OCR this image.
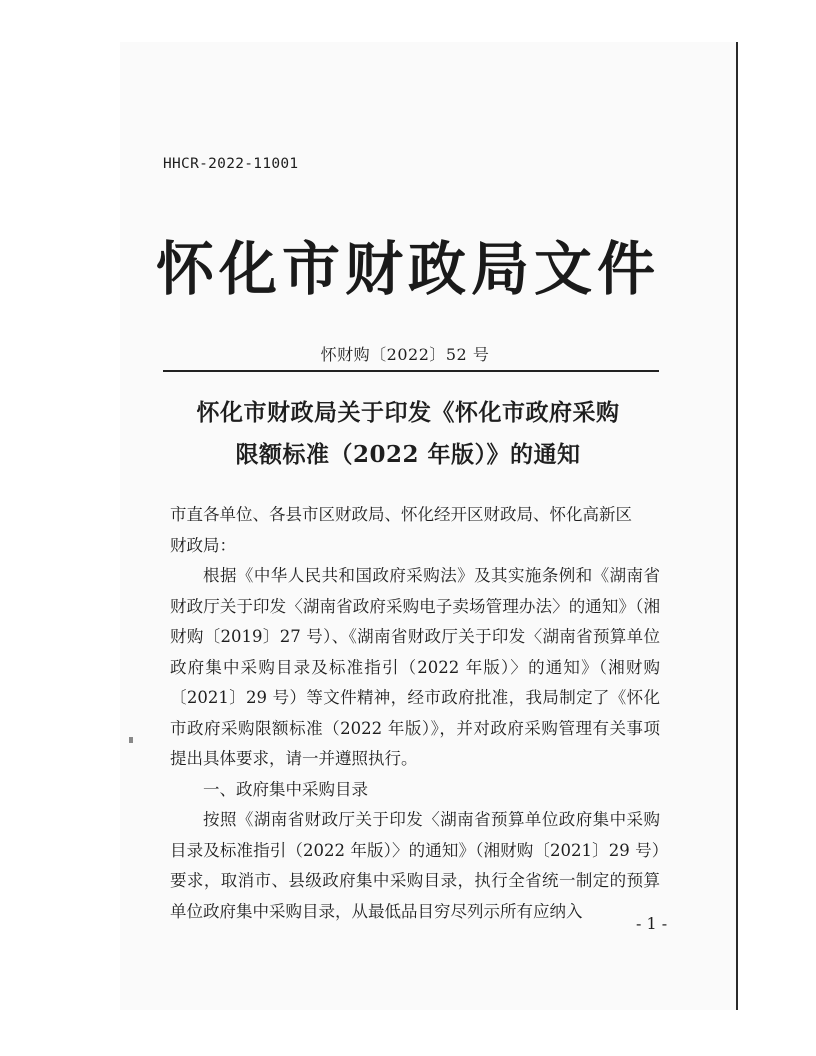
HHCR-2022-11001
怀化市财政局文件
怀财购〔2022〕52 号
怀化市财政局关于印发《怀化市政府采购
限额标准（2022 年版）》的通知

市直各单位、各县市区财政局、怀化经开区财政局、怀化高新区
财政局：

根据《中华人民共和国政府采购法》及其实施条例和《湖南省财政厅关于印发〈湖南省政府采购电子卖场管理办法〉的通知》（湘财购〔2019〕27 号）、《湖南省财政厅关于印发〈湖南省预算单位政府集中采购目录及标准指引（2022 年版）〉的通知》（湘财购〔2021〕29 号）等文件精神，经市政府批准，我局制定了《怀化市政府采购限额标准（2022 年版）》，并对政府采购管理有关事项提出具体要求，请一并遵照执行。

一、政府集中采购目录

按照《湖南省财政厅关于印发〈湖南省预算单位政府集中采购目录及标准指引（2022 年版）〉的通知》（湘财购〔2021〕29 号）要求，取消市、县级政府集中采购目录，执行全省统一制定的预算单位政府集中采购目录，从最低品目穷尽列示所有应纳入

- 1 -
